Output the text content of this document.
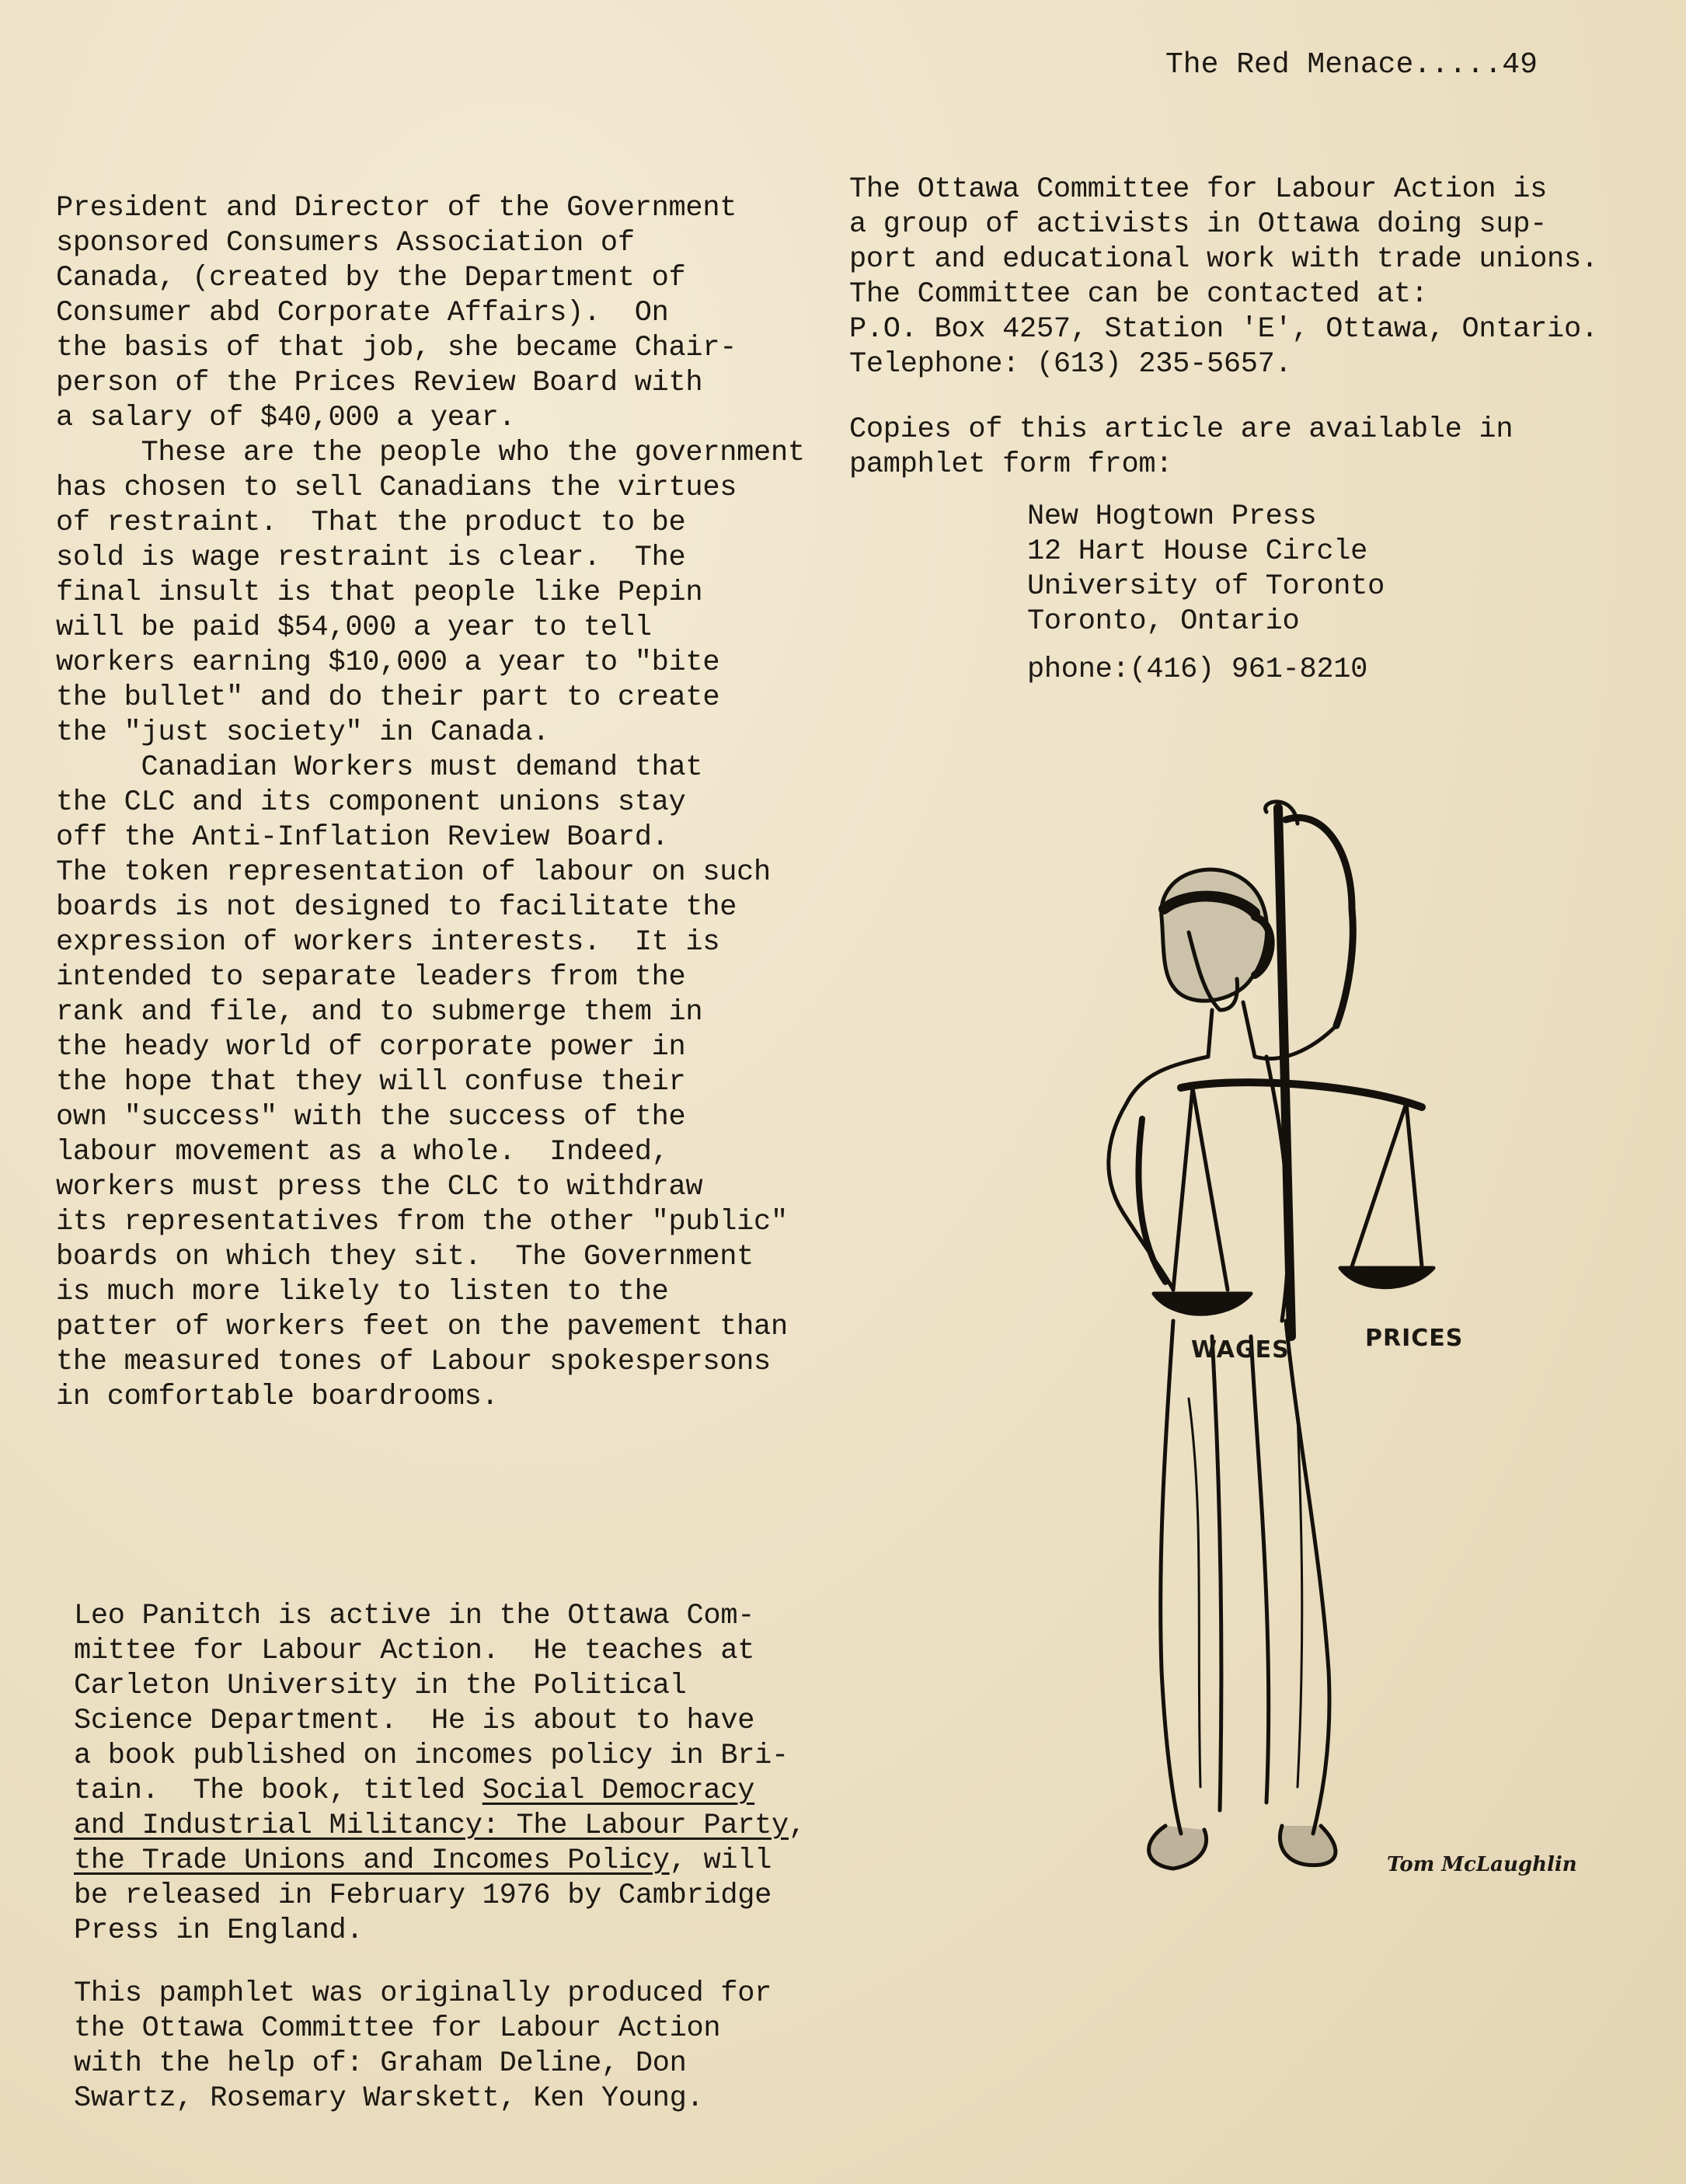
The Red Menace.....49
President and Director of the Government
sponsored Consumers Association of
Canada, (created by the Department of
Consumer abd Corporate Affairs).  On
the basis of that job, she became Chair-
person of the Prices Review Board with
a salary of $40,000 a year.
These are the people who the government
has chosen to sell Canadians the virtues
of restraint.  That the product to be
sold is wage restraint is clear.  The
final insult is that people like Pepin
will be paid $54,000 a year to tell
workers earning $10,000 a year to "bite
the bullet" and do their part to create
the "just society" in Canada.
Canadian Workers must demand that
the CLC and its component unions stay
off the Anti-Inflation Review Board.
The token representation of labour on such
boards is not designed to facilitate the
expression of workers interests.  It is
intended to separate leaders from the
rank and file, and to submerge them in
the heady world of corporate power in
the hope that they will confuse their
own "success" with the success of the
labour movement as a whole.  Indeed,
workers must press the CLC to withdraw
its representatives from the other "public"
boards on which they sit.  The Government
is much more likely to listen to the
patter of workers feet on the pavement than
the measured tones of Labour spokespersons
in comfortable boardrooms.
Leo Panitch is active in the Ottawa Com-
mittee for Labour Action.  He teaches at
Carleton University in the Political
Science Department.  He is about to have
a book published on incomes policy in Bri-
tain.  The book, titled Social Democracy
and Industrial Militancy: The Labour Party,
the Trade Unions and Incomes Policy, will
be released in February 1976 by Cambridge
Press in England.
This pamphlet was originally produced for
the Ottawa Committee for Labour Action
with the help of: Graham Deline, Don
Swartz, Rosemary Warskett, Ken Young.
The Ottawa Committee for Labour Action is
a group of activists in Ottawa doing sup-
port and educational work with trade unions.
The Committee can be contacted at:
P.O. Box 4257, Station 'E', Ottawa, Ontario.
Telephone: (613) 235-5657.
Copies of this article are available in
pamphlet form from:
New Hogtown Press
12 Hart House Circle
University of Toronto
Toronto, Ontario
phone:(416) 961-8210
WAGES	PRICES
Tom McLaughlin
